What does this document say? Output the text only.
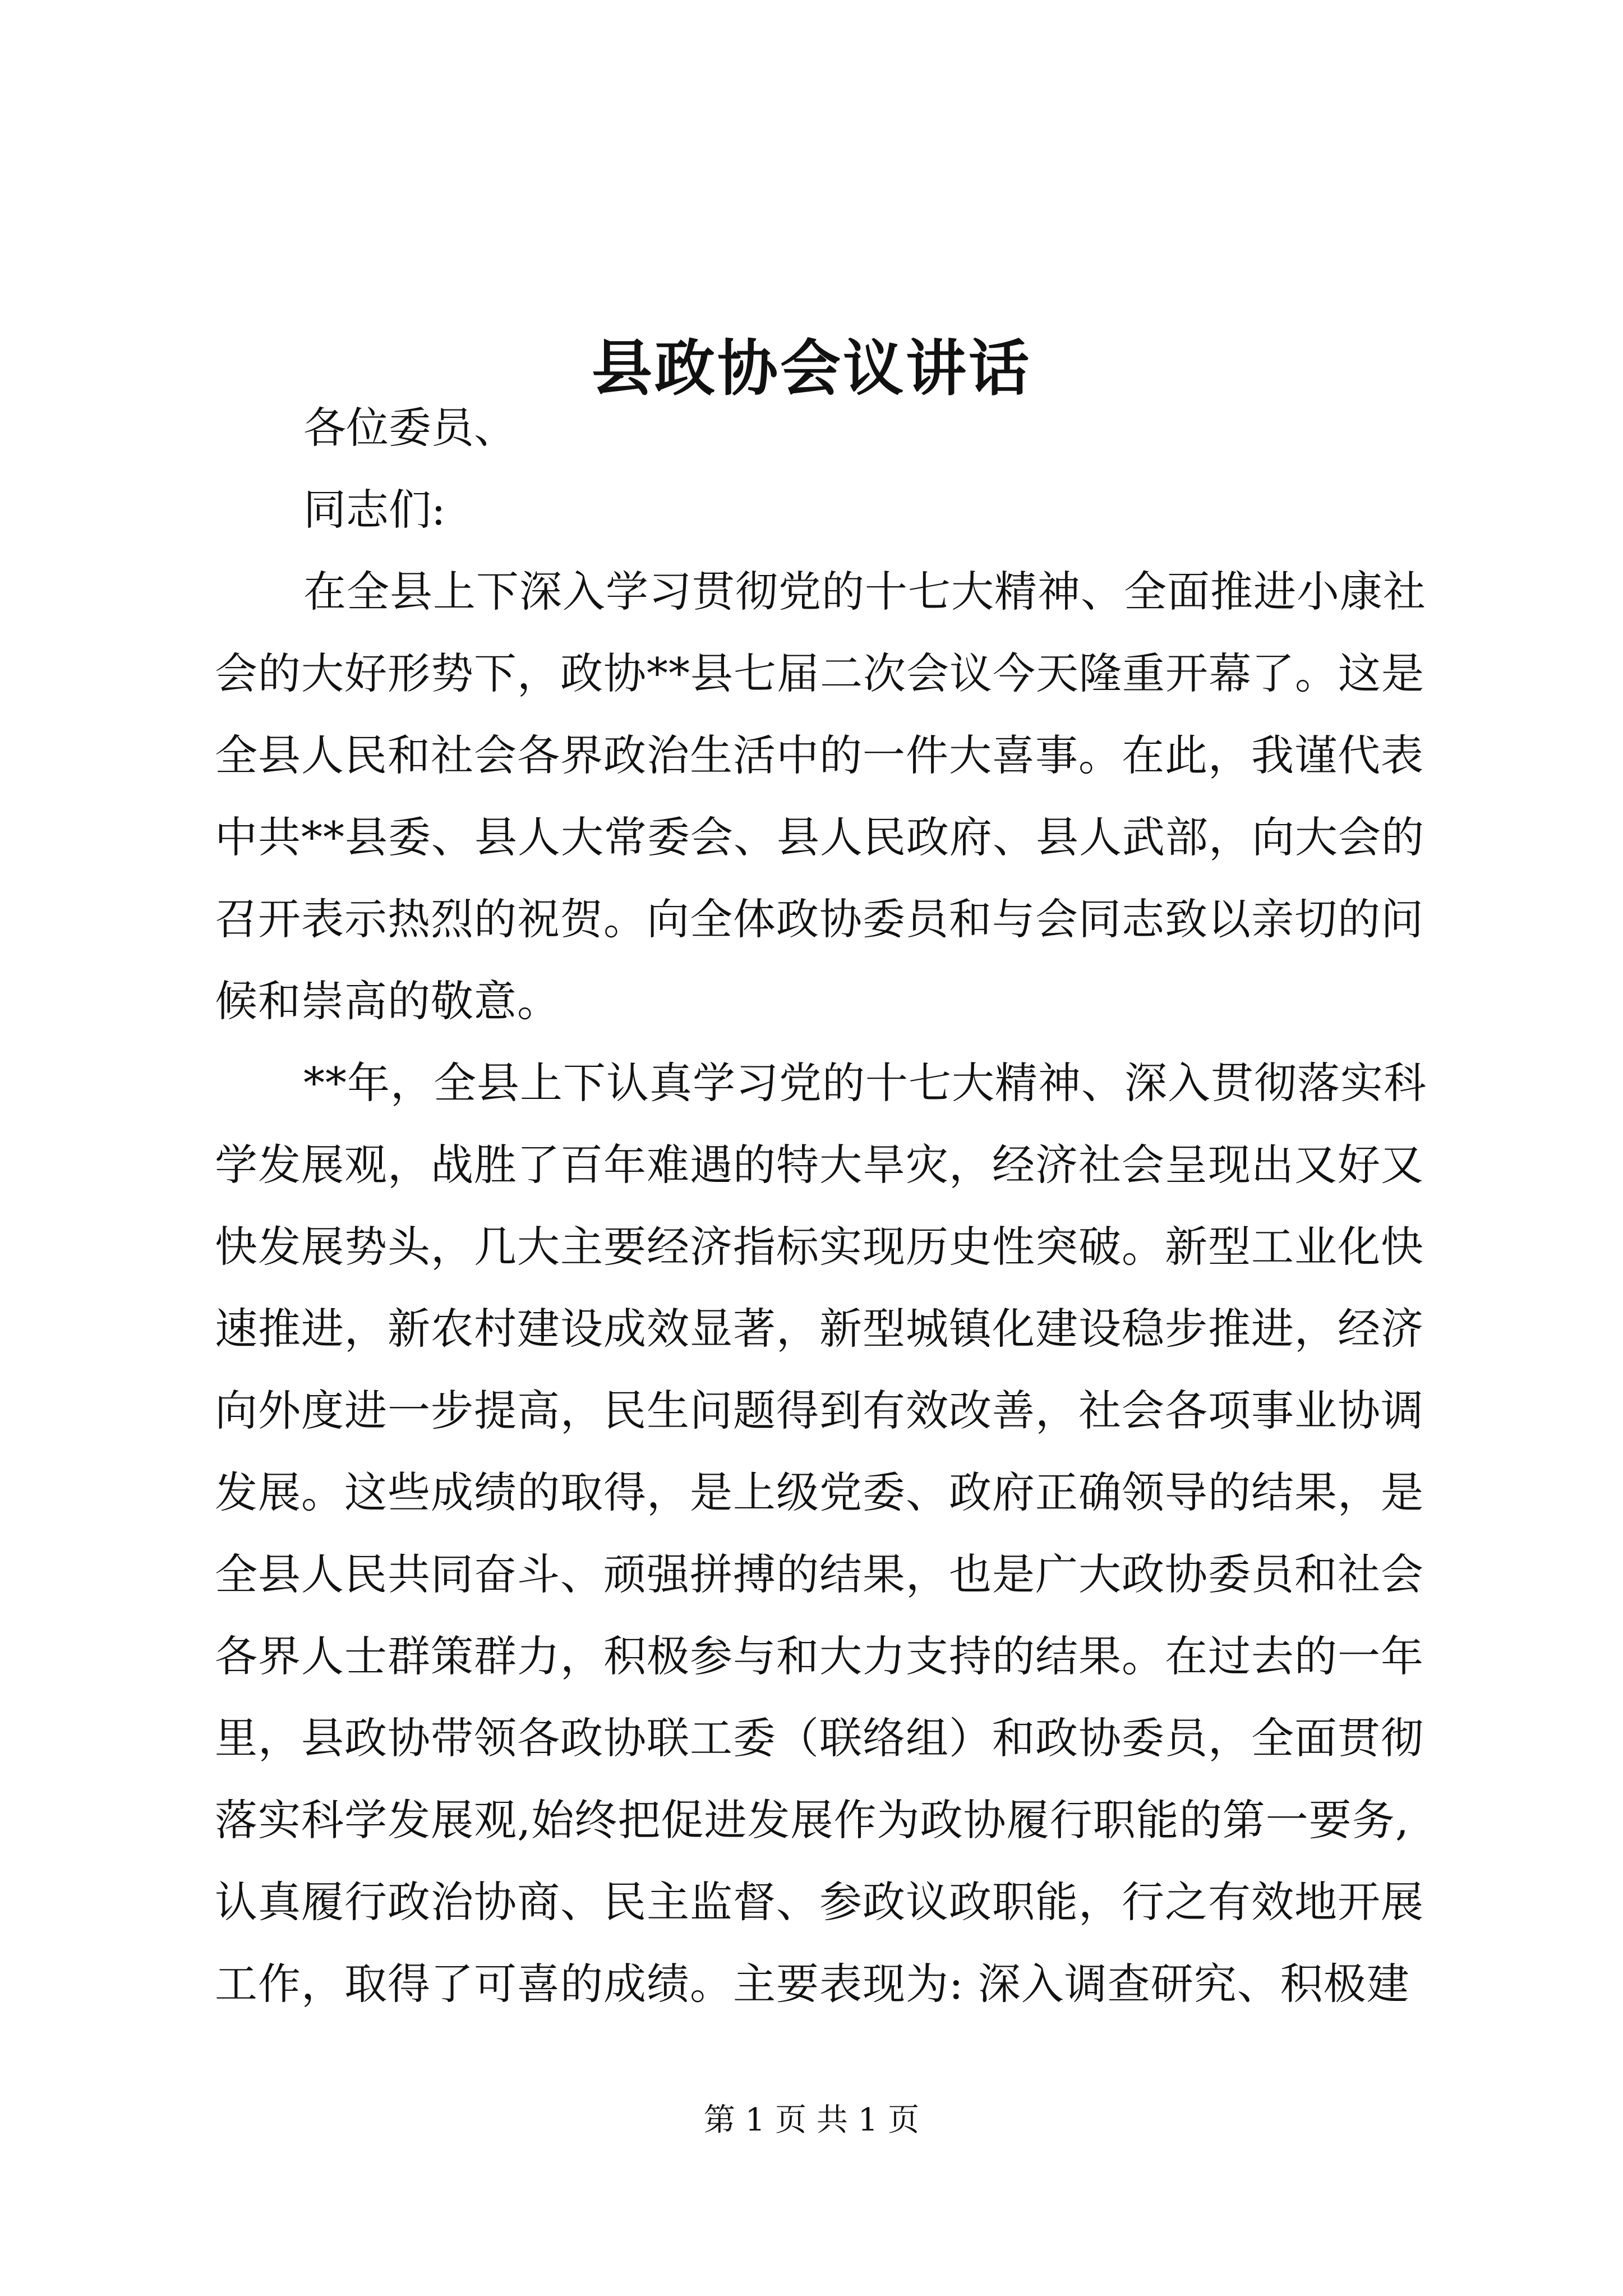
县政协会议讲话

各位委员、

同志们:

在全县上下深入学习贯彻党的十七大精神、全面推进小康社
会的大好形势下，政协**县七届二次会议今天隆重开幕了。这是
全县人民和社会各界政治生活中的一件大喜事。在此，我谨代表
中共**县委、县人大常委会、县人民政府、县人武部，向大会的
召开表示热烈的祝贺。向全体政协委员和与会同志致以亲切的问
候和崇高的敬意。
**年，全县上下认真学习党的十七大精神、深入贯彻落实科
学发展观，战胜了百年难遇的特大旱灾，经济社会呈现出又好又
快发展势头，几大主要经济指标实现历史性突破。新型工业化快
速推进，新农村建设成效显著，新型城镇化建设稳步推进，经济
向外度进一步提高，民生问题得到有效改善，社会各项事业协调
发展。这些成绩的取得，是上级党委、政府正确领导的结果，是
全县人民共同奋斗、顽强拼搏的结果，也是广大政协委员和社会
各界人士群策群力，积极参与和大力支持的结果。在过去的一年
里，县政协带领各政协联工委（联络组）和政协委员，全面贯彻
落实科学发展观,始终把促进发展作为政协履行职能的第一要务,
认真履行政治协商、民主监督、参政议政职能，行之有效地开展
工作，取得了可喜的成绩。主要表现为: 深入调查研究、积极建
第 1 页 共 1 页
